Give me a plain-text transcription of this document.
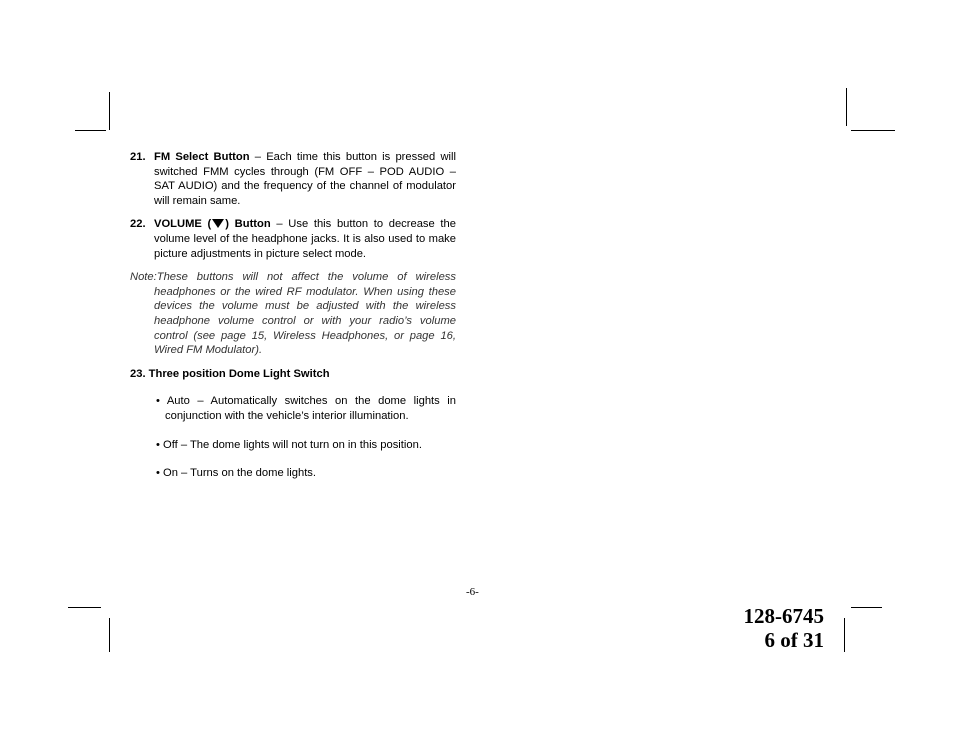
21. FM Select Button – Each time this button is pressed will switched FMM cycles through (FM OFF – POD AUDIO – SAT AUDIO) and the frequency of the channel of modulator will remain same.
22. VOLUME ( ) Button – Use this button to decrease the volume level of the headphone jacks. It is also used to make picture adjustments in picture select mode.
Note:These buttons will not affect the volume of wireless headphones or the wired RF modulator. When using these devices the volume must be adjusted with the wireless headphone volume control or with your radio’s volume control (see page 15, Wireless Headphones, or page 16, Wired FM Modulator).
23. Three position Dome Light Switch
• Auto – Automatically switches on the dome lights in conjunction with the vehicle’s interior illumination.
• Off – The dome lights will not turn on in this position.
• On – Turns on the dome lights.
-6-
128-6745
6 of 31
